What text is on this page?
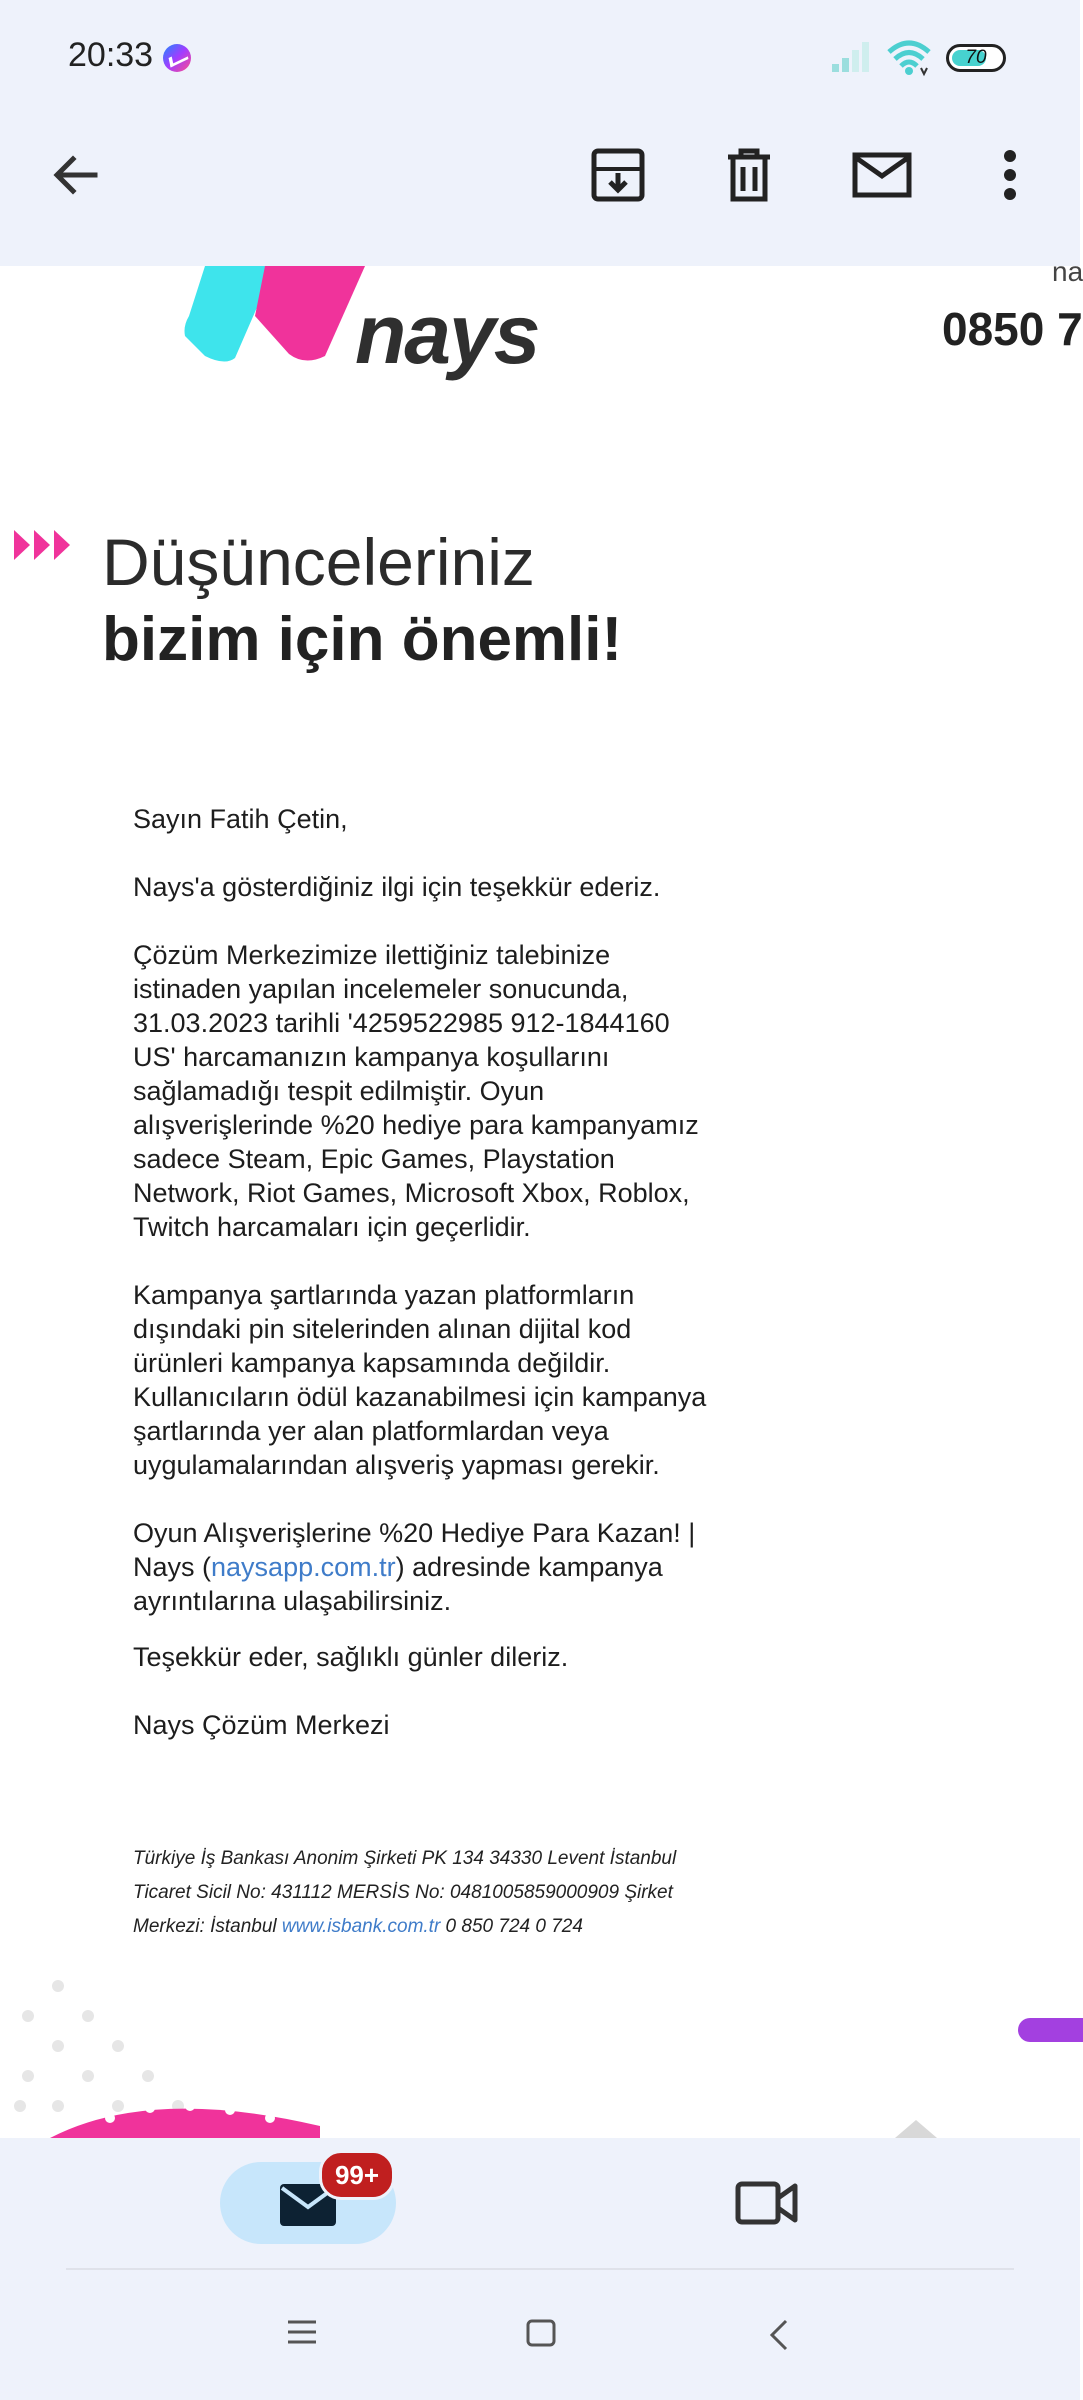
20:33	70
nays
na
0850 7
Düşünceleriniz
bizim için önemli!

Sayın Fatih Çetin,

Nays'a gösterdiğiniz ilgi için teşekkür ederiz.

Çözüm Merkezimize ilettiğiniz talebinize istinaden yapılan incelemeler sonucunda, 31.03.2023 tarihli '4259522985 912-1844160 US' harcamanızın kampanya koşullarını sağlamadığı tespit edilmiştir. Oyun alışverişlerinde %20 hediye para kampanyamız sadece Steam, Epic Games, Playstation Network, Riot Games, Microsoft Xbox, Roblox, Twitch harcamaları için geçerlidir.

Kampanya şartlarında yazan platformların dışındaki pin sitelerinden alınan dijital kod ürünleri kampanya kapsamında değildir. Kullanıcıların ödül kazanabilmesi için kampanya şartlarında yer alan platformlardan veya uygulamalarından alışveriş yapması gerekir.

Oyun Alışverişlerine %20 Hediye Para Kazan! | Nays (naysapp.com.tr) adresinde kampanya ayrıntılarına ulaşabilirsiniz.

Teşekkür eder, sağlıklı günler dileriz.

Nays Çözüm Merkezi

Türkiye İş Bankası Anonim Şirketi PK 134 34330 Levent İstanbul
Ticaret Sicil No: 431112 MERSİS No: 0481005859000909 Şirket
Merkezi: İstanbul www.isbank.com.tr 0 850 724 0 724
99+
